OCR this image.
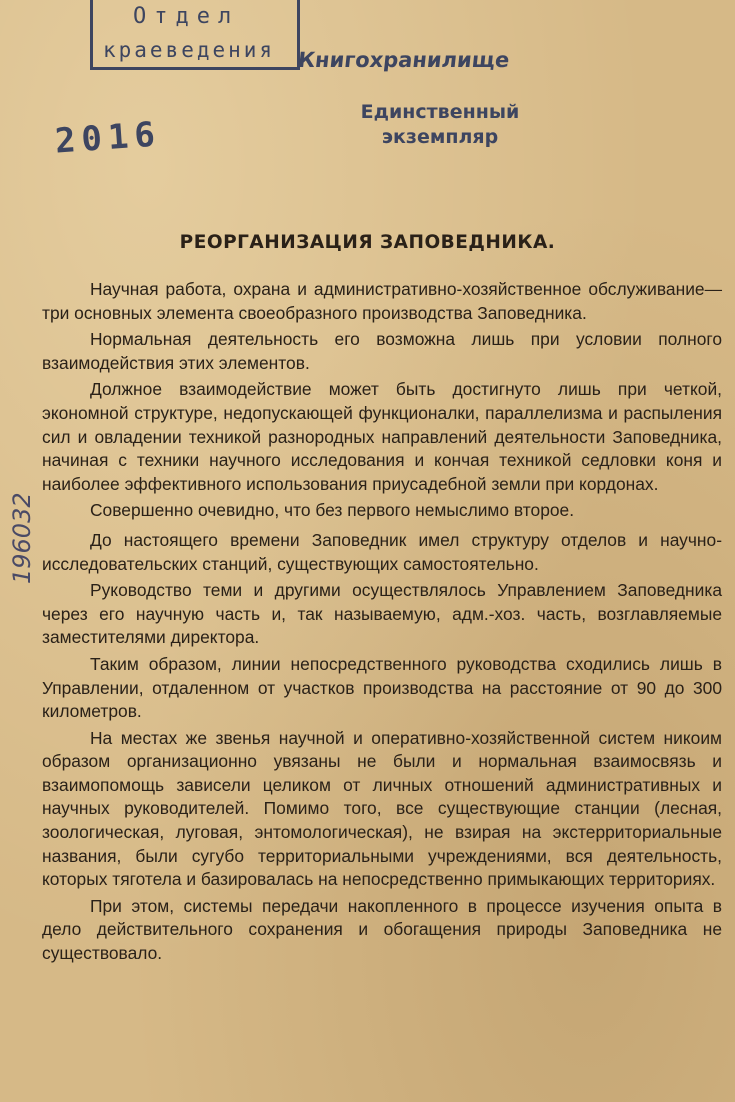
Отдел
краеведения Книгохранилище
Единственный
экземпляр
2016
196032
РЕОРГАНИЗАЦИЯ ЗАПОВЕДНИКА.

Научная работа, охрана и административно-хозяйственное обслуживание—три основных элемента своеобразного производства Заповедника.

Нормальная деятельность его возможна лишь при условии полного взаимодействия этих элементов.

Должное взаимодействие может быть достигнуто лишь при четкой, экономной структуре, недопускающей функционалки, параллелизма и распыления сил и овладении техникой разнородных направлений деятельности Заповедника, начиная с техники научного исследования и кончая техникой седловки коня и наиболее эффективного использования приусадебной земли при кордонах.

Совершенно очевидно, что без первого немыслимо второе.

До настоящего времени Заповедник имел структуру отделов и научно-исследовательских станций, существующих самостоятельно.

Руководство теми и другими осуществлялось Управлением Заповедника через его научную часть и, так называемую, адм.-хоз. часть, возглавляемые заместителями директора.

Таким образом, линии непосредственного руководства сходились лишь в Управлении, отдаленном от участков производства на расстояние от 90 до 300 километров.

На местах же звенья научной и оперативно-хозяйственной систем никоим образом организационно увязаны не были и нормальная взаимосвязь и взаимопомощь зависели целиком от личных отношений административных и научных руководителей. Помимо того, все существующие станции (лесная, зоологическая, луговая, энтомологическая), не взирая на экстерриториальные названия, были сугубо территориальными учреждениями, вся деятельность, которых тяготела и базировалась на непосредственно примыкающих территориях.

При этом, системы передачи накопленного в процессе изучения опыта в дело действительного сохранения и обогащения природы Заповедника не существовало.
